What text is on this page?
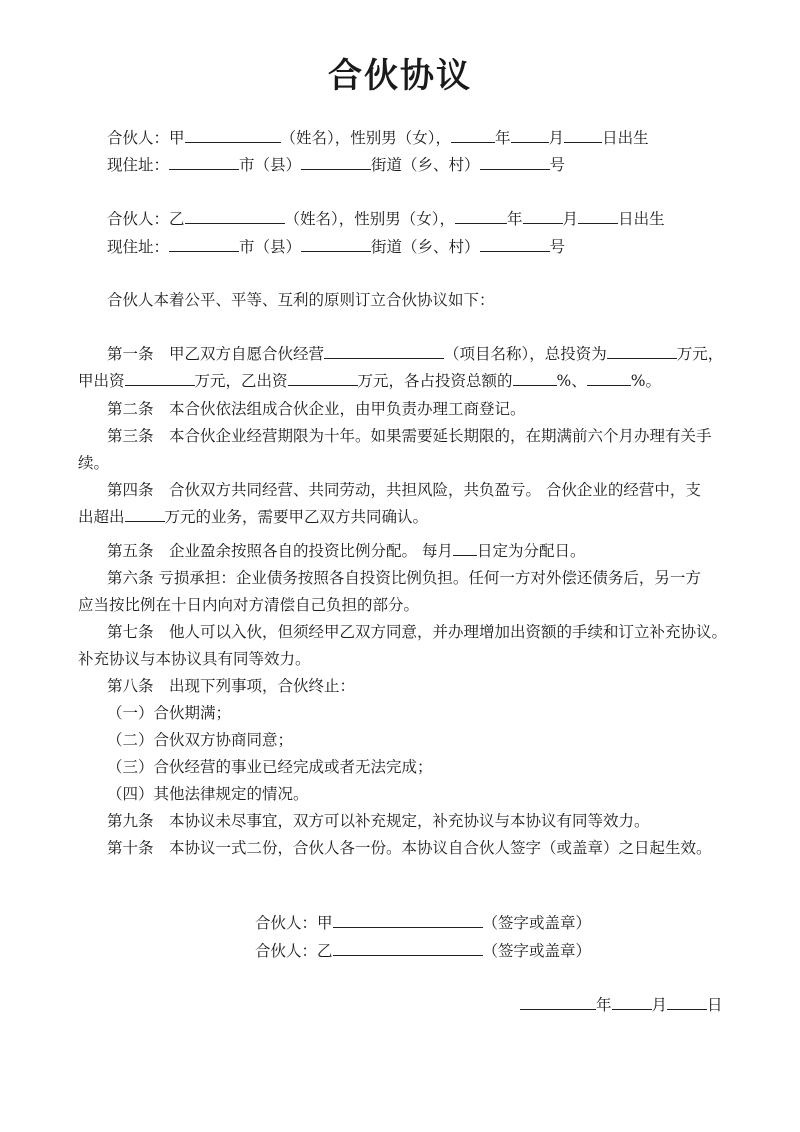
合伙协议
合伙人：甲	（姓名），性别男（女），	年 月 日出生
现住址：	市（县）	街道（乡、村）	号
合伙人：乙	（姓名），性别男（女），	年	月	日出生
现住址：	市（县）	街道（乡、村）	号
合伙人本着公平、平等、互利的原则订立合伙协议如下：
第一条　甲乙双方自愿合伙经营	（项目名称），总投资为	万元，
甲出资	万元，乙出资	万元，各占投资总额的	%、	%。
第二条　本合伙依法组成合伙企业，由甲负责办理工商登记。
第三条　本合伙企业经营期限为十年。如果需要延长期限的，在期满前六个月办理有关手
续。
第四条　合伙双方共同经营、共同劳动，共担风险，共负盈亏。 合伙企业的经营中，支
出超出	万元的业务，需要甲乙双方共同确认。
第五条　企业盈余按照各自的投资比例分配。 每月 日定为分配日。
第六条 亏损承担：企业债务按照各自投资比例负担。任何一方对外偿还债务后，另一方
应当按比例在十日内向对方清偿自己负担的部分。
第七条　他人可以入伙，但须经甲乙双方同意，并办理增加出资额的手续和订立补充协议。
补充协议与本协议具有同等效力。
第八条　出现下列事项，合伙终止：
（一）合伙期满；
（二）合伙双方协商同意；
（三）合伙经营的事业已经完成或者无法完成；
（四）其他法律规定的情况。
第九条　本协议未尽事宜，双方可以补充规定，补充协议与本协议有同等效力。
第十条　本协议一式二份，合伙人各一份。本协议自合伙人签字（或盖章）之日起生效。
合伙人：甲	（签字或盖章）
合伙人：乙	（签字或盖章）
年	月	日
